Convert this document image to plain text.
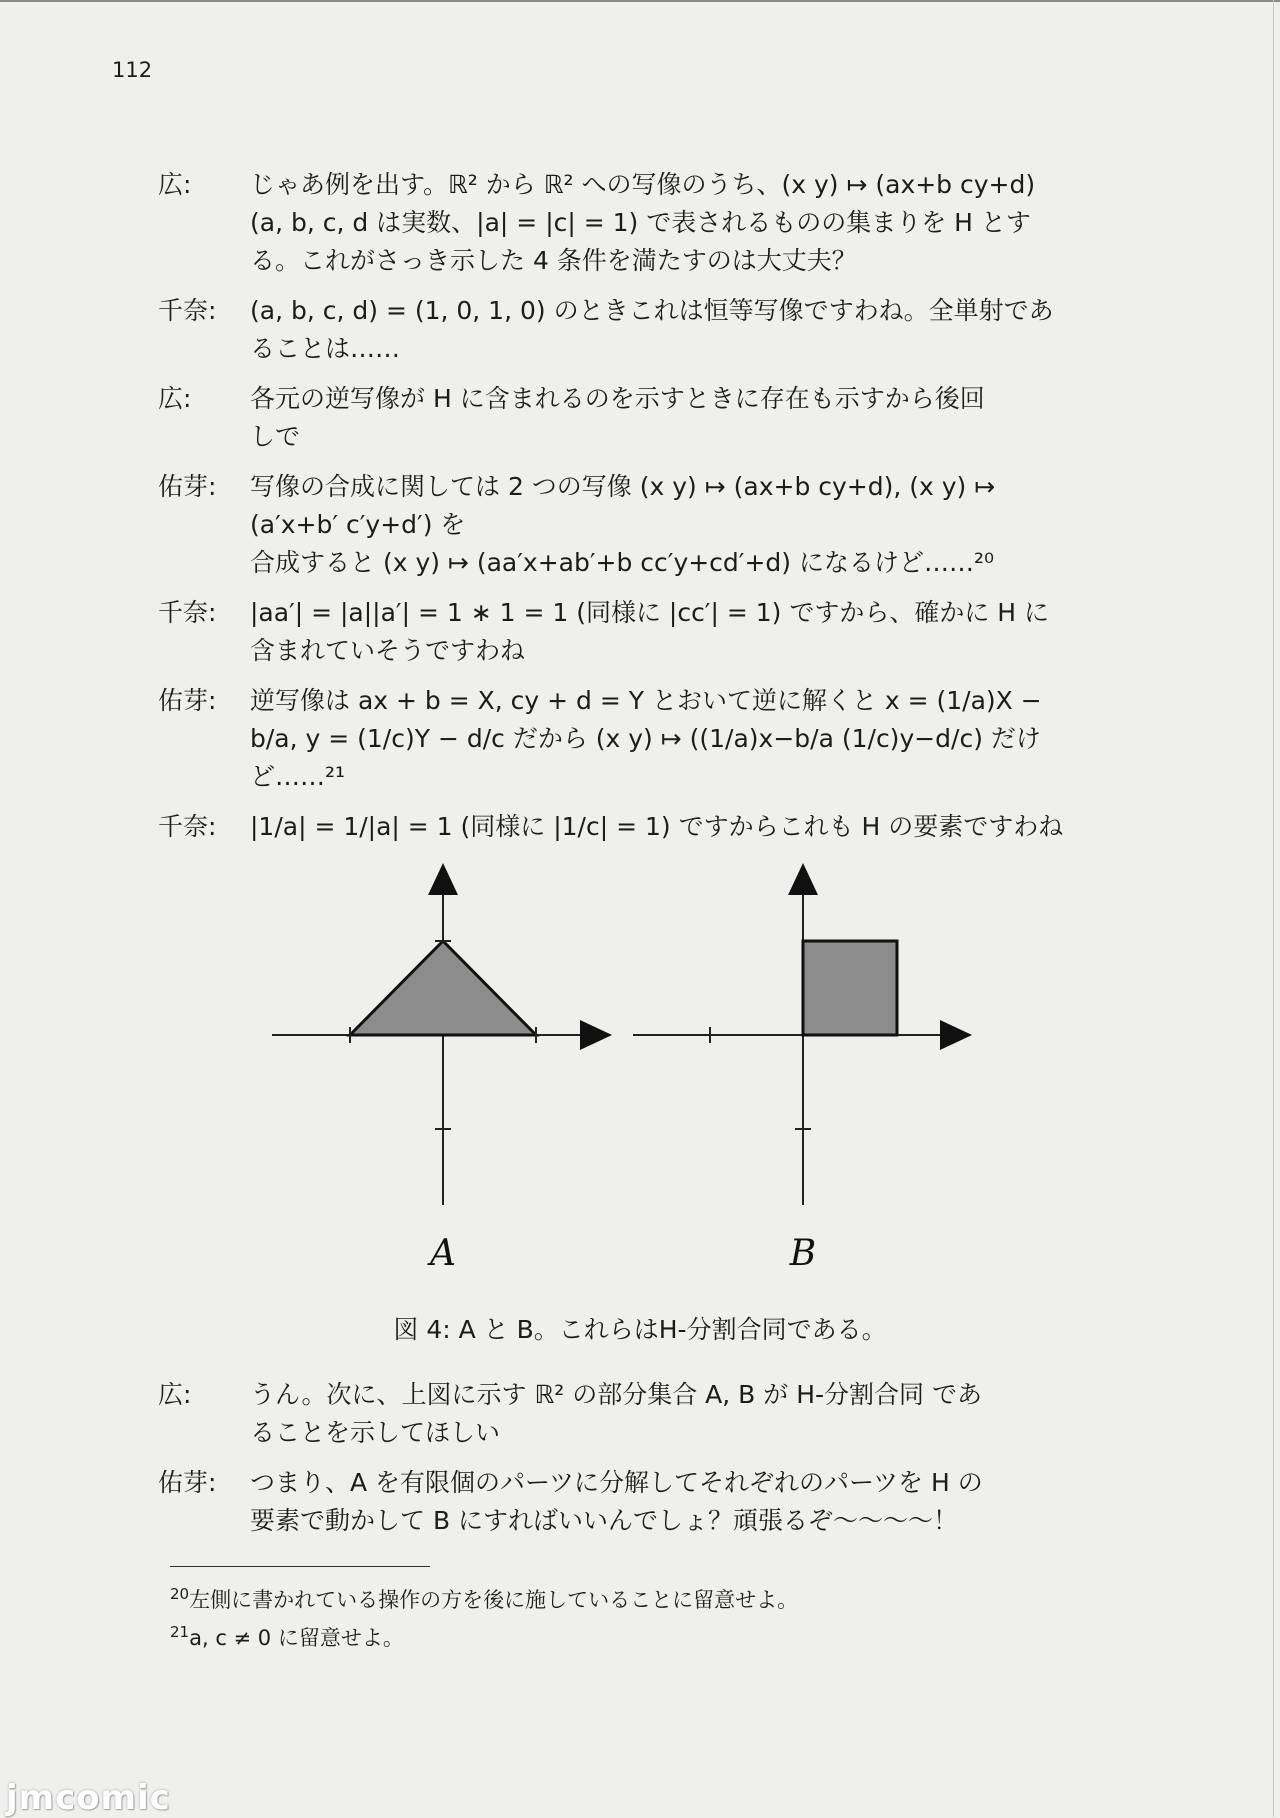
112
広:	じゃあ例を出す。ℝ² から ℝ² への写像のうち、(x y) ↦ (ax+b cy+d)
(a, b, c, d は実数、|a| = |c| = 1) で表されるものの集まりを H とす
る。これがさっき示した 4 条件を満たすのは大丈夫？
千奈:	(a, b, c, d) = (1, 0, 1, 0) のときこれは恒等写像ですわね。全単射であ
ることは……
広:	各元の逆写像が H に含まれるのを示すときに存在も示すから後回
しで
佑芽:	写像の合成に関しては 2 つの写像 (x y) ↦ (ax+b cy+d), (x y) ↦ (a′x+b′ c′y+d′) を
合成すると (x y) ↦ (aa′x+ab′+b cc′y+cd′+d) になるけど……²⁰
千奈:	|aa′| = |a||a′| = 1 ∗ 1 = 1 (同様に |cc′| = 1) ですから、確かに H に
含まれていそうですわね
佑芽:	逆写像は ax + b = X, cy + d = Y とおいて逆に解くと x = (1/a)X −
b/a, y = (1/c)Y − d/c だから (x y) ↦ ((1/a)x−b/a (1/c)y−d/c) だけど……²¹
千奈:	|1/a| = 1/|a| = 1 (同様に |1/c| = 1) ですからこれも H の要素ですわね
A	B
図 4: A と B。これらはH-分割合同である。
広:	うん。次に、上図に示す ℝ² の部分集合 A, B が H-分割合同 であ
ることを示してほしい
佑芽:	つまり、A を有限個のパーツに分解してそれぞれのパーツを H の
要素で動かして B にすればいいんでしょ？頑張るぞ〜〜〜〜！
$^{20}$左側に書かれている操作の方を後に施していることに留意せよ。
$^{21}$a, c ≠ 0 に留意せよ。
jmcomic
